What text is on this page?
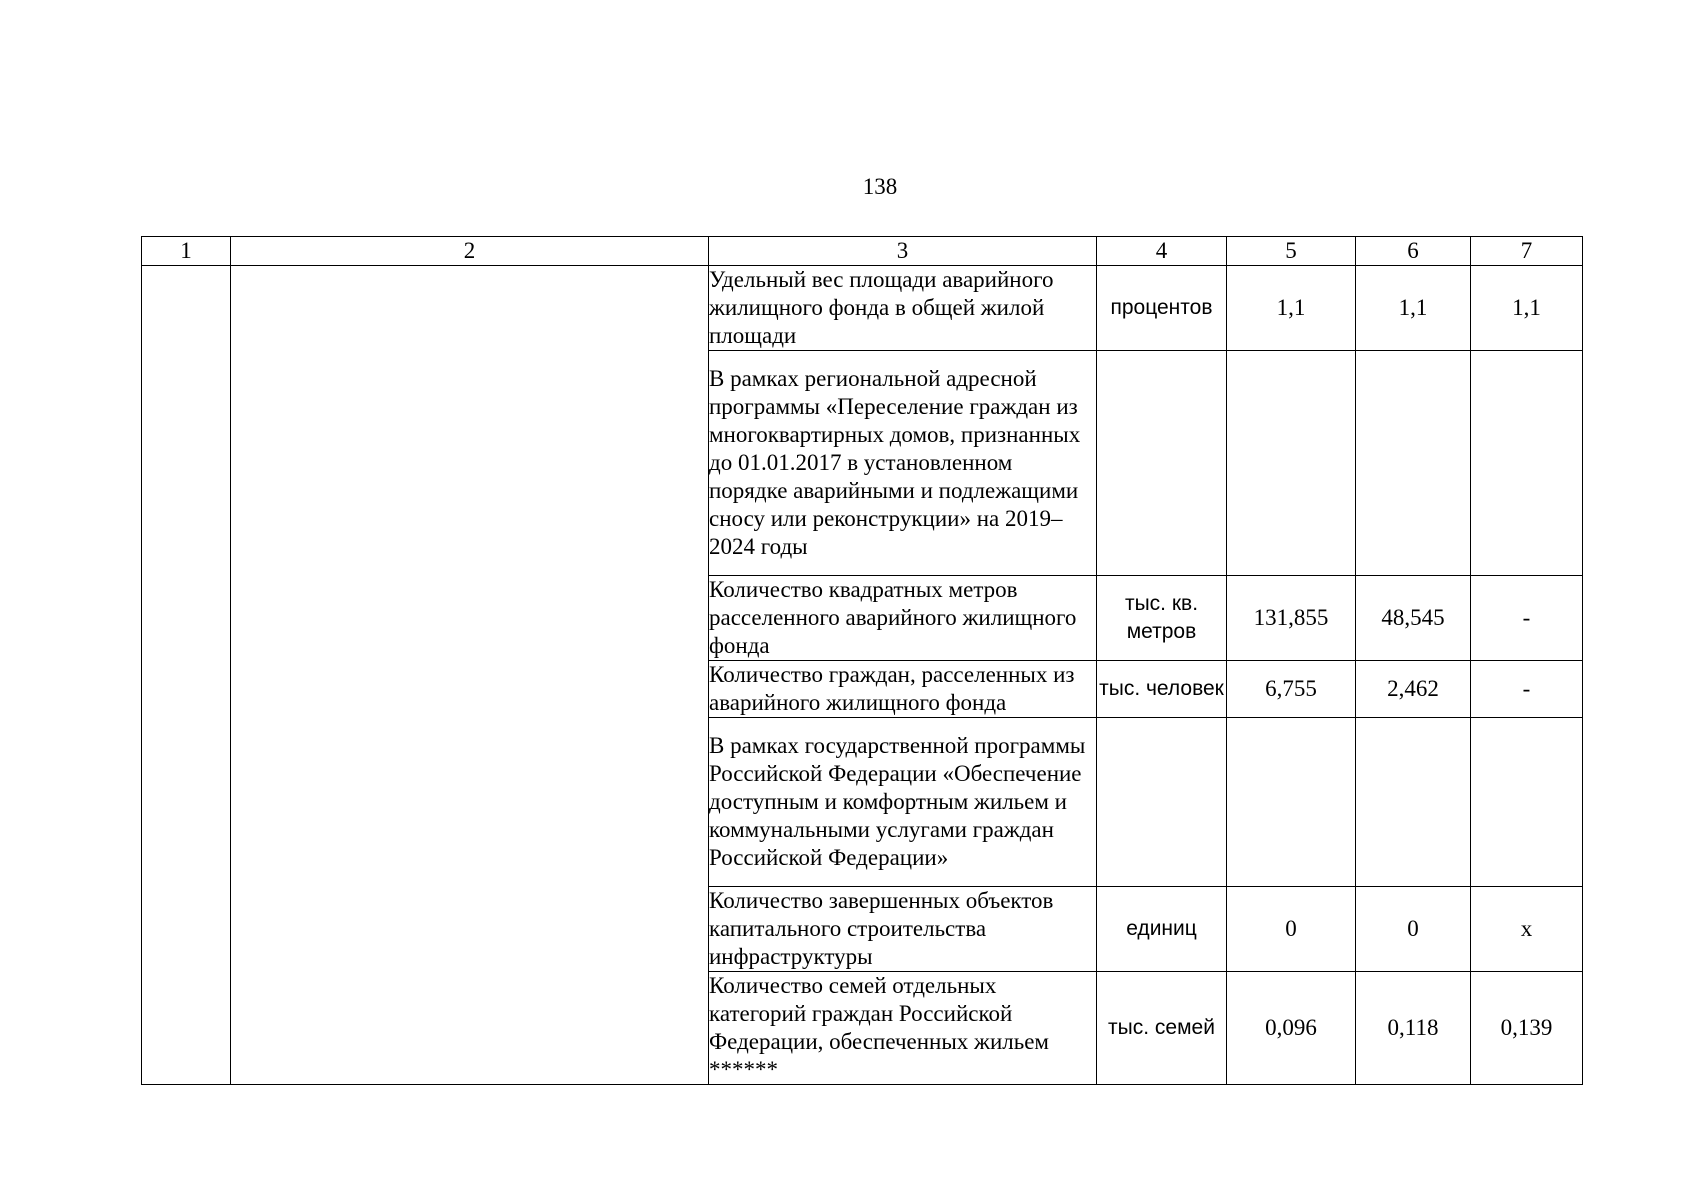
138
1	2	3	4	5	6	7
		Удельный вес площади аварийного жилищного фонда в общей жилой площади	процентов	1,1	1,1	1,1
		В рамках региональной адресной программы «Переселение граждан из многоквартирных домов, признанных до 01.01.2017 в установленном порядке аварийными и подлежащими сносу или реконструкции» на 2019–2024 годы				
		Количество квадратных метров расселенного аварийного жилищного фонда	тыс. кв. метров	131,855	48,545	-
		Количество граждан, расселенных из аварийного жилищного фонда	тыс. человек	6,755	2,462	-
		В рамках государственной программы Российской Федерации «Обеспечение доступным и комфортным жильем и коммунальными услугами граждан Российской Федерации»				
		Количество завершенных объектов капитального строительства инфраструктуры	единиц	0	0	х
		Количество семей отдельных категорий граждан Российской Федерации, обеспеченных жильем ******	тыс. семей	0,096	0,118	0,139
